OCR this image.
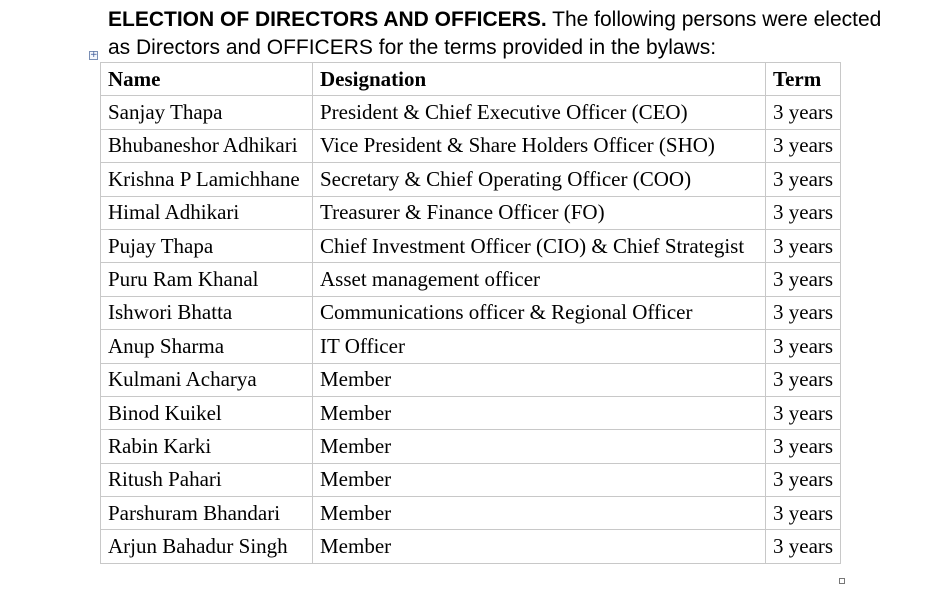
ELECTION OF DIRECTORS AND OFFICERS. The following persons were elected as Directors and OFFICERS for the terms provided in the bylaws:
+
Name	Designation	Term
Sanjay Thapa	President & Chief Executive Officer (CEO)	3 years
Bhubaneshor Adhikari	Vice President & Share Holders Officer (SHO)	3 years
Krishna P Lamichhane	Secretary & Chief Operating Officer (COO)	3 years
Himal Adhikari	Treasurer & Finance Officer (FO)	3 years
Pujay Thapa	Chief Investment Officer (CIO) & Chief Strategist	3 years
Puru Ram Khanal	Asset management officer	3 years
Ishwori Bhatta	Communications officer & Regional Officer	3 years
Anup Sharma	IT Officer	3 years
Kulmani Acharya	Member	3 years
Binod Kuikel	Member	3 years
Rabin Karki	Member	3 years
Ritush Pahari	Member	3 years
Parshuram Bhandari	Member	3 years
Arjun Bahadur Singh	Member	3 years
